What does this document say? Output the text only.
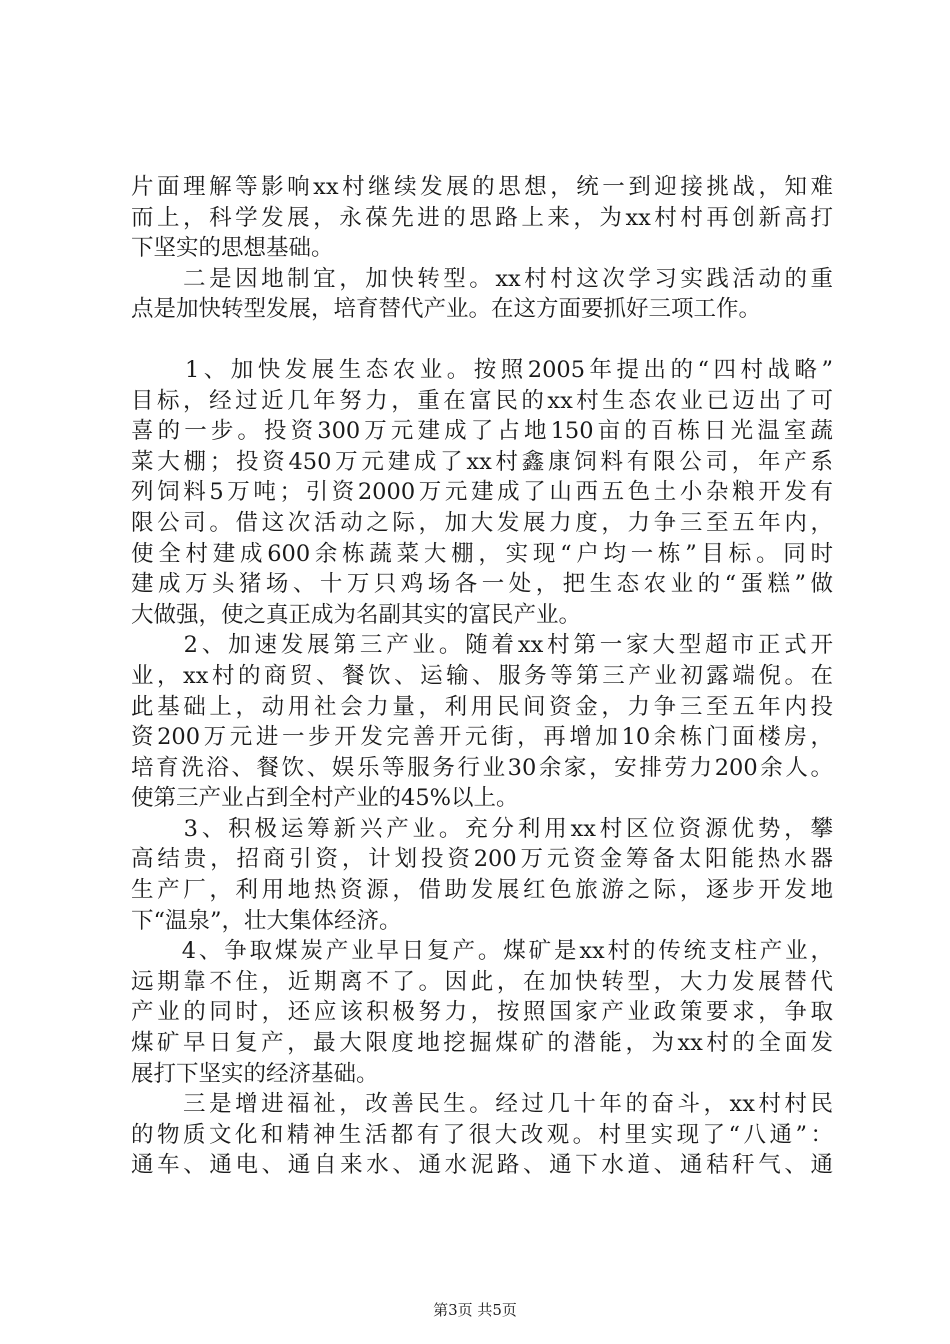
片面理解等影响xx村继续发展的思想，统一到迎接挑战，知难
而上，科学发展，永葆先进的思路上来，为xx村村再创新高打
下坚实的思想基础。

　　二是因地制宜，加快转型。xx村村这次学习实践活动的重
点是加快转型发展，培育替代产业。在这方面要抓好三项工作。

　　1、加快发展生态农业。按照2005年提出的“四村战略”
目标，经过近几年努力，重在富民的xx村生态农业已迈出了可
喜的一步。投资300万元建成了占地150亩的百栋日光温室蔬
菜大棚；投资450万元建成了xx村鑫康饲料有限公司，年产系
列饲料5万吨；引资2000万元建成了山西五色土小杂粮开发有
限公司。借这次活动之际，加大发展力度，力争三至五年内，
使全村建成600余栋蔬菜大棚，实现“户均一栋”目标。同时
建成万头猪场、十万只鸡场各一处，把生态农业的“蛋糕”做
大做强，使之真正成为名副其实的富民产业。

　　2、加速发展第三产业。随着xx村第一家大型超市正式开
业，xx村的商贸、餐饮、运输、服务等第三产业初露端倪。在
此基础上，动用社会力量，利用民间资金，力争三至五年内投
资200万元进一步开发完善开元街，再增加10余栋门面楼房，
培育洗浴、餐饮、娱乐等服务行业30余家，安排劳力200余人。
使第三产业占到全村产业的45%以上。

　　3、积极运筹新兴产业。充分利用xx村区位资源优势，攀
高结贵，招商引资，计划投资200万元资金筹备太阳能热水器
生产厂，利用地热资源，借助发展红色旅游之际，逐步开发地
下“温泉”，壮大集体经济。

　　4、争取煤炭产业早日复产。煤矿是xx村的传统支柱产业，
远期靠不住，近期离不了。因此，在加快转型，大力发展替代
产业的同时，还应该积极努力，按照国家产业政策要求，争取
煤矿早日复产，最大限度地挖掘煤矿的潜能，为xx村的全面发
展打下坚实的经济基础。

　　三是增进福祉，改善民生。经过几十年的奋斗，xx村村民
的物质文化和精神生活都有了很大改观。村里实现了“八通”：
通车、通电、通自来水、通水泥路、通下水道、通秸秆气、通

第3页 共5页
